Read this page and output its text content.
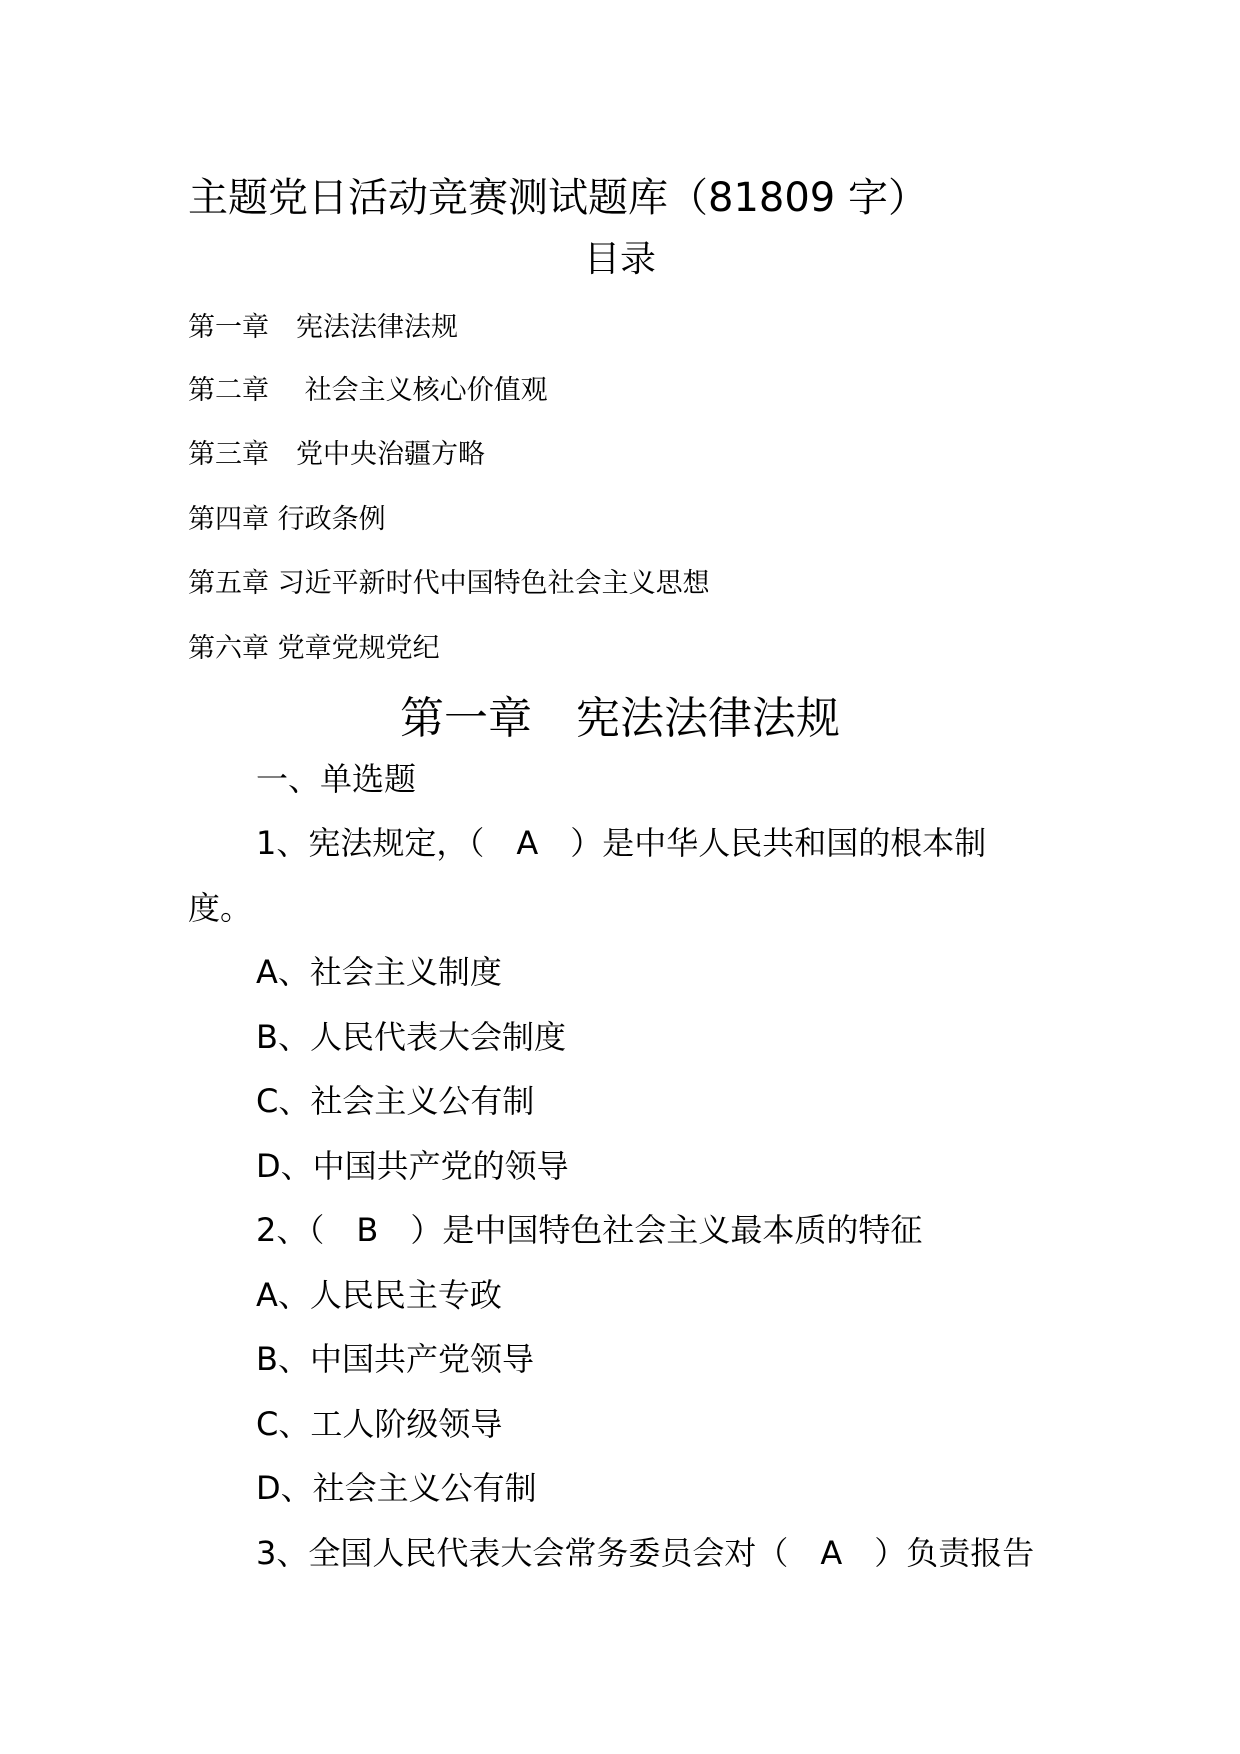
主题党日活动竞赛测试题库（81809 字）
目录
第一章　宪法法律法规
第二章　 社会主义核心价值观
第三章　党中央治疆方略
第四章 行政条例
第五章 习近平新时代中国特色社会主义思想
第六章 党章党规党纪
第一章　宪法法律法规
一、单选题
1、宪法规定，（　A　）是中华人民共和国的根本制
度。
A、社会主义制度
B、人民代表大会制度
C、社会主义公有制
D、中国共产党的领导
2、（　B　）是中国特色社会主义最本质的特征
A、人民民主专政
B、中国共产党领导
C、工人阶级领导
D、社会主义公有制
3、全国人民代表大会常务委员会对（　A　）负责报告
